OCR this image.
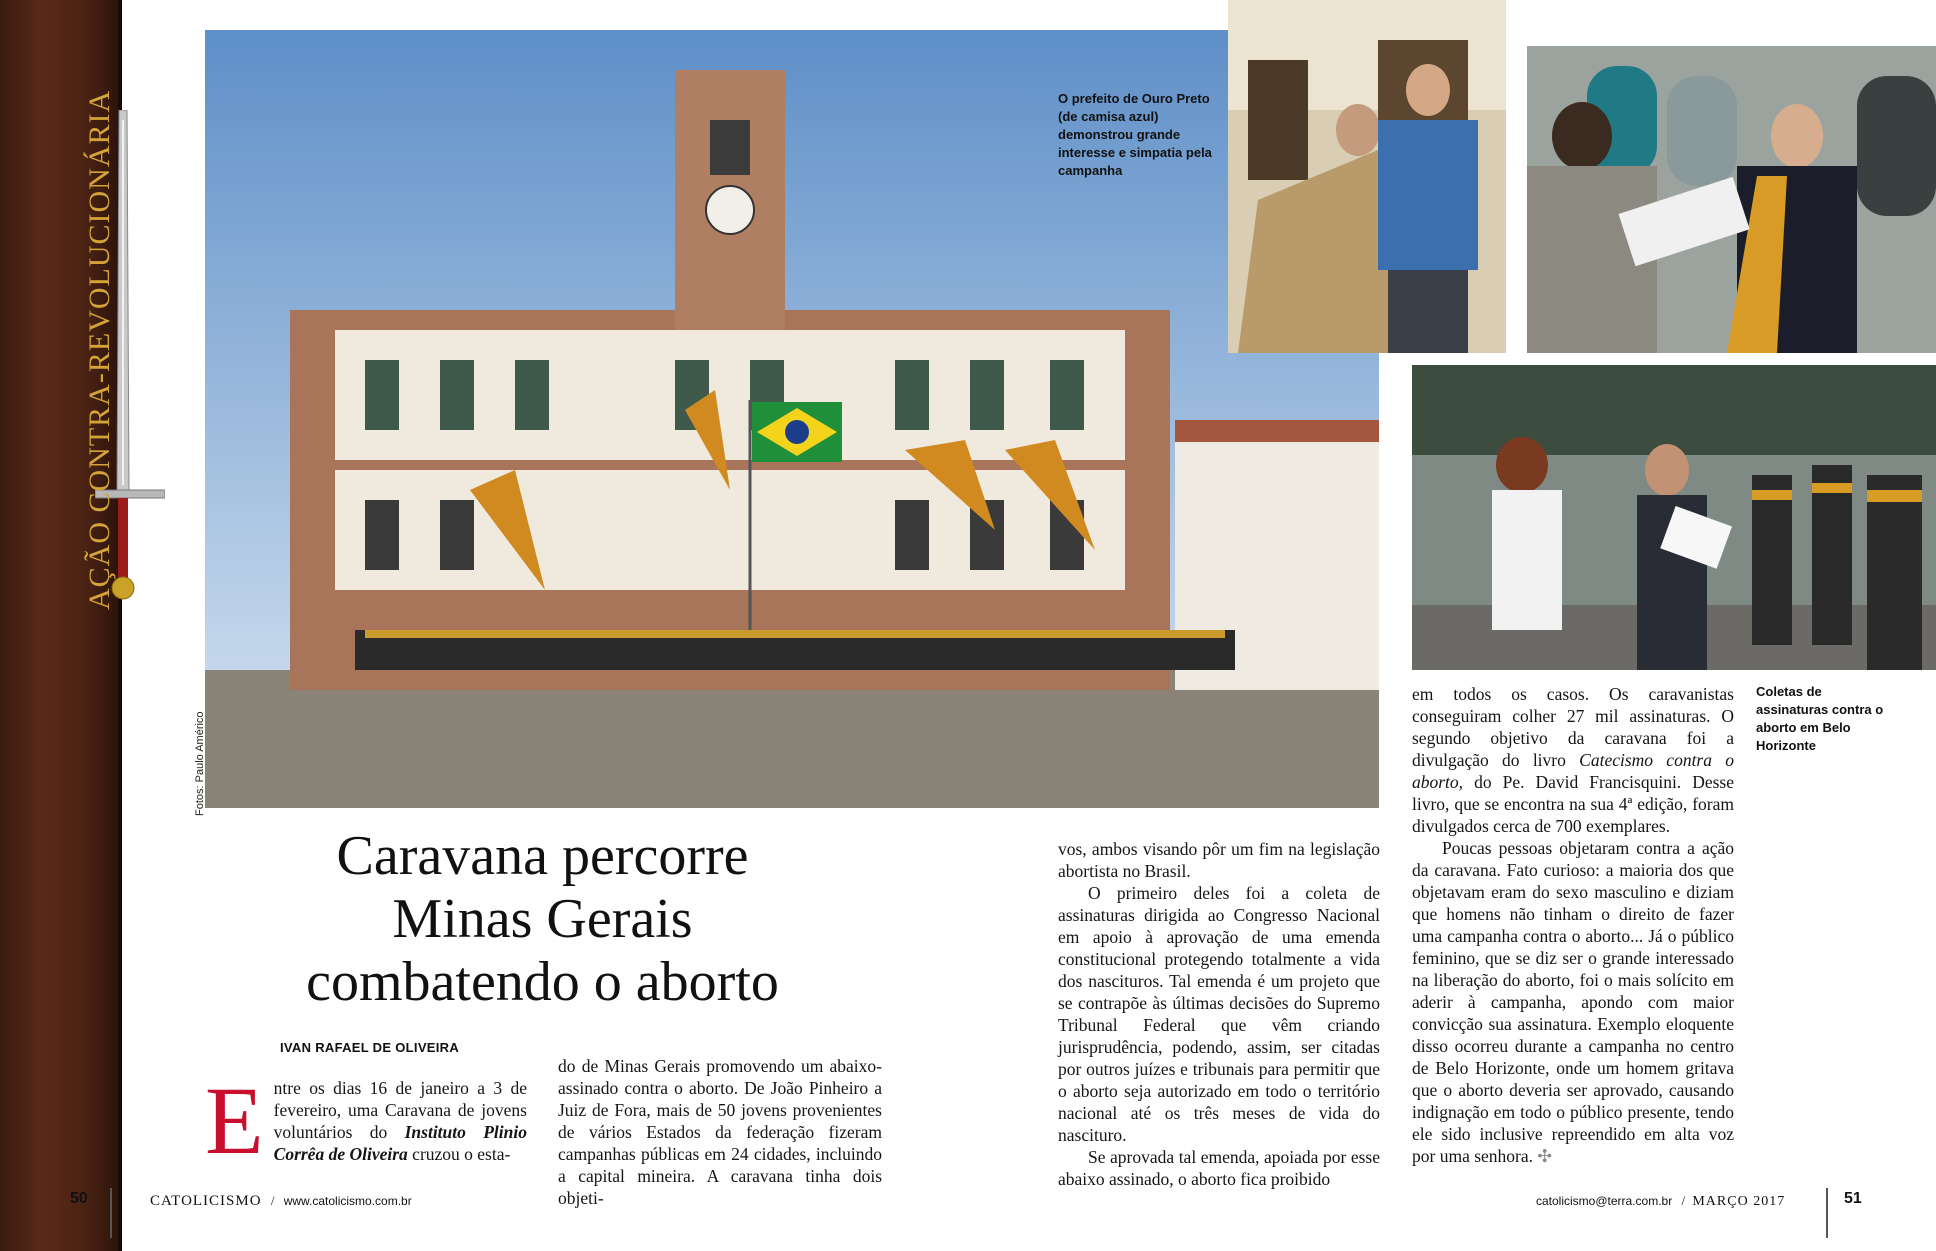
AÇÃO CONTRA-REVOLUCIONÁRIA
Fotos: Paulo Américo
O prefeito de Ouro Preto (de camisa azul) demonstrou grande interesse e simpatia pela campanha
Coletas de assinaturas contra o aborto em Belo Horizonte
Caravana percorre
Minas Gerais
combatendo o aborto
IVAN RAFAEL DE OLIVEIRA
E ntre os dias 16 de janeiro a 3 de fevereiro, uma Caravana de jovens voluntários do Instituto Plinio Corrêa de Oliveira cruzou o esta-

do de Minas Gerais promovendo um abaixo-assinado contra o aborto. De João Pinheiro a Juiz de Fora, mais de 50 jovens provenientes de vários Estados da federação fizeram campanhas públicas em 24 cidades, incluindo a capital mineira. A caravana tinha dois objeti-

vos, ambos visando pôr um fim na legislação abortista no Brasil.

O primeiro deles foi a coleta de assinaturas dirigida ao Congresso Nacional em apoio à aprovação de uma emenda constitucional protegendo totalmente a vida dos nascituros. Tal emenda é um projeto que se contrapõe às últimas decisões do Supremo Tribunal Federal que vêm criando jurisprudência, podendo, assim, ser citadas por outros juízes e tribunais para permitir que o aborto seja autorizado em todo o território nacional até os três meses de vida do nascituro.

Se aprovada tal emenda, apoiada por esse abaixo assinado, o aborto fica proibido

em todos os casos. Os caravanistas conseguiram colher 27 mil assinaturas. O segundo objetivo da caravana foi a divulgação do livro Catecismo contra o aborto, do Pe. David Francisquini. Desse livro, que se encontra na sua 4ª edição, foram divulgados cerca de 700 exemplares.

Poucas pessoas objetaram contra a ação da caravana. Fato curioso: a maioria dos que objetavam eram do sexo masculino e diziam que homens não tinham o direito de fazer uma campanha contra o aborto... Já o público feminino, que se diz ser o grande interessado na liberação do aborto, foi o mais solícito em aderir à campanha, apondo com maior convicção sua assinatura. Exemplo eloquente disso ocorreu durante a campanha no centro de Belo Horizonte, onde um homem gritava que o aborto deveria ser aprovado, causando indignação em todo o público presente, tendo ele sido inclusive repreendido em alta voz por uma senhora. ✣

50	CATOLICISMO / www.catolicismo.com.br	catolicismo@terra.com.br / MARÇO 2017	51
